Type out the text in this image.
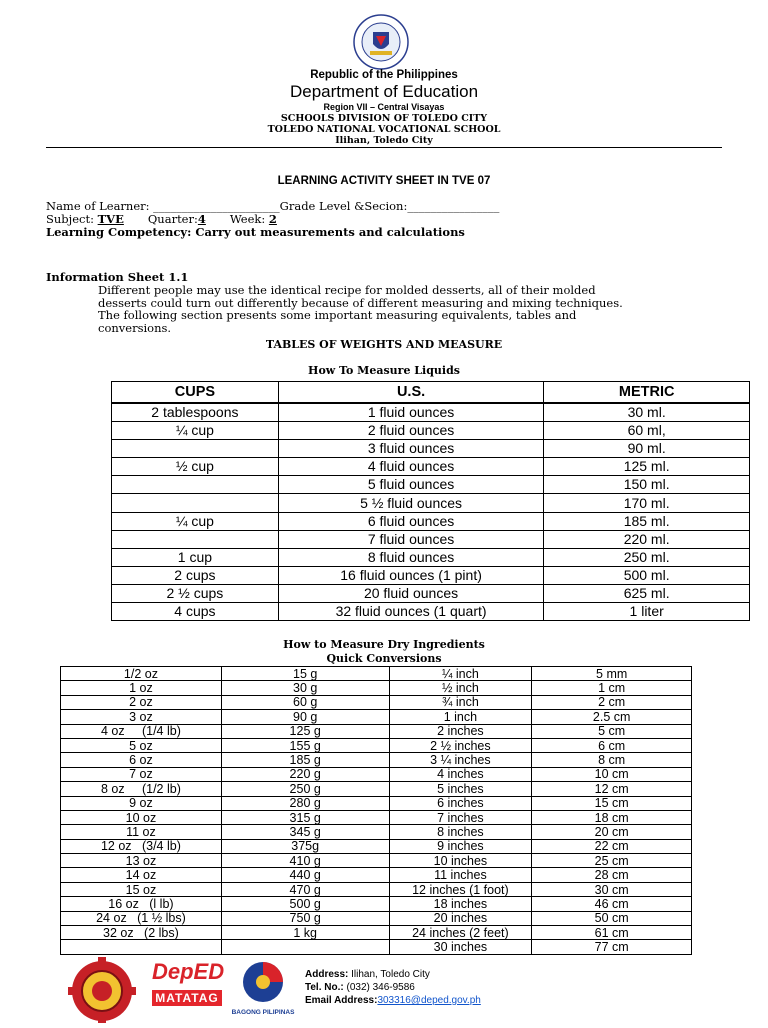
Republic of the Philippines
Department of Education
Region VII – Central Visayas
SCHOOLS DIVISION OF TOLEDO CITY
TOLEDO NATIONAL VOCATIONAL SCHOOL
Ilihan, Toledo City
LEARNING ACTIVITY SHEET IN TVE 07
Name of Learner: ______________________Grade Level &Secion:________________
Subject: TVE Quarter:4 Week: 2
Learning Competency: Carry out measurements and calculations
Information Sheet 1.1
Different people may use the identical recipe for molded desserts, all of their molded
desserts could turn out differently because of different measuring and mixing techniques.
The following section presents some important measuring equivalents, tables and
conversions.
TABLES OF WEIGHTS AND MEASURE
How To Measure Liquids
CUPS	U.S.	METRIC
2 tablespoons	1 fluid ounces	30 ml.
¼ cup	2 fluid ounces	60 ml,
	3 fluid ounces	90 ml.
½ cup	4 fluid ounces	125 ml.
	5 fluid ounces	150 ml.
	5 ½ fluid ounces	170 ml.
¼ cup	6 fluid ounces	185 ml.
	7 fluid ounces	220 ml.
1 cup	8 fluid ounces	250 ml.
2 cups	16 fluid ounces (1 pint)	500 ml.
2 ½ cups	20 fluid ounces	625 ml.
4 cups	32 fluid ounces (1 quart)	1 liter
How to Measure Dry Ingredients
Quick Conversions
1/2 oz	15 g	¼ inch	5 mm
1 oz	30 g	½ inch	1 cm
2 oz	60 g	¾ inch	2 cm
3 oz	90 g	1 inch	2.5 cm
4 oz     (1/4 lb)	125 g	2 inches	5 cm
5 oz	155 g	2 ½ inches	6 cm
6 oz	185 g	3 ¼ inches	8 cm
7 oz	220 g	4 inches	10 cm
8 oz     (1/2 lb)	250 g	5 inches	12 cm
9 oz	280 g	6 inches	15 cm
10 oz	315 g	7 inches	18 cm
11 oz	345 g	8 inches	20 cm
12 oz   (3/4 lb)	375g	9 inches	22 cm
13 oz	410 g	10 inches	25 cm
14 oz	440 g	11 inches	28 cm
15 oz	470 g	12 inches (1 foot)	30 cm
16 oz   (l lb)	500 g	18 inches	46 cm
24 oz   (1 ½ lbs)	750 g	20 inches	50 cm
32 oz   (2 lbs)	1 kg	24 inches (2 feet)	61 cm
		30 inches	77 cm
DepED
MATATAG
BAGONG PILIPINAS
Address: Ilihan, Toledo City
Tel. No.: (032) 346-9586
Email Address:303316@deped.gov.ph
